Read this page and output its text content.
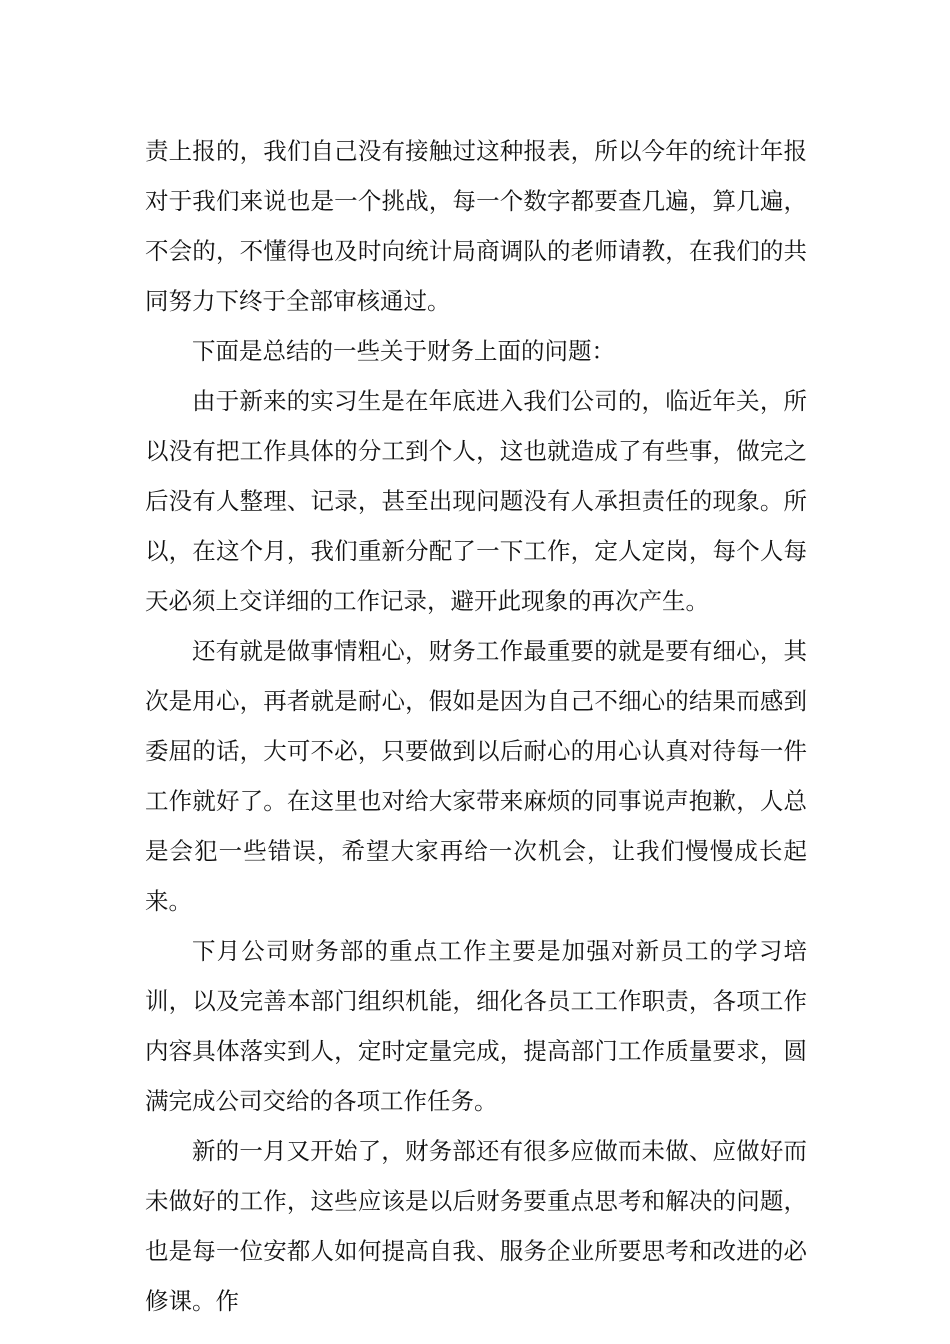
责上报的，我们自己没有接触过这种报表，所以今年的统计年报对于我们来说也是一个挑战，每一个数字都要查几遍，算几遍，不会的，不懂得也及时向统计局商调队的老师请教，在我们的共同努力下终于全部审核通过。

下面是总结的一些关于财务上面的问题：

由于新来的实习生是在年底进入我们公司的，临近年关，所以没有把工作具体的分工到个人，这也就造成了有些事，做完之后没有人整理、记录，甚至出现问题没有人承担责任的现象。所以，在这个月，我们重新分配了一下工作，定人定岗，每个人每天必须上交详细的工作记录，避开此现象的再次产生。

还有就是做事情粗心，财务工作最重要的就是要有细心，其次是用心，再者就是耐心，假如是因为自己不细心的结果而感到委屈的话，大可不必，只要做到以后耐心的用心认真对待每一件工作就好了。在这里也对给大家带来麻烦的同事说声抱歉，人总是会犯一些错误，希望大家再给一次机会，让我们慢慢成长起来。

下月公司财务部的重点工作主要是加强对新员工的学习培训，以及完善本部门组织机能，细化各员工工作职责，各项工作内容具体落实到人，定时定量完成，提高部门工作质量要求，圆满完成公司交给的各项工作任务。

新的一月又开始了，财务部还有很多应做而未做、应做好而未做好的工作，这些应该是以后财务要重点思考和解决的问题，也是每一位安都人如何提高自我、服务企业所要思考和改进的必修课。作
